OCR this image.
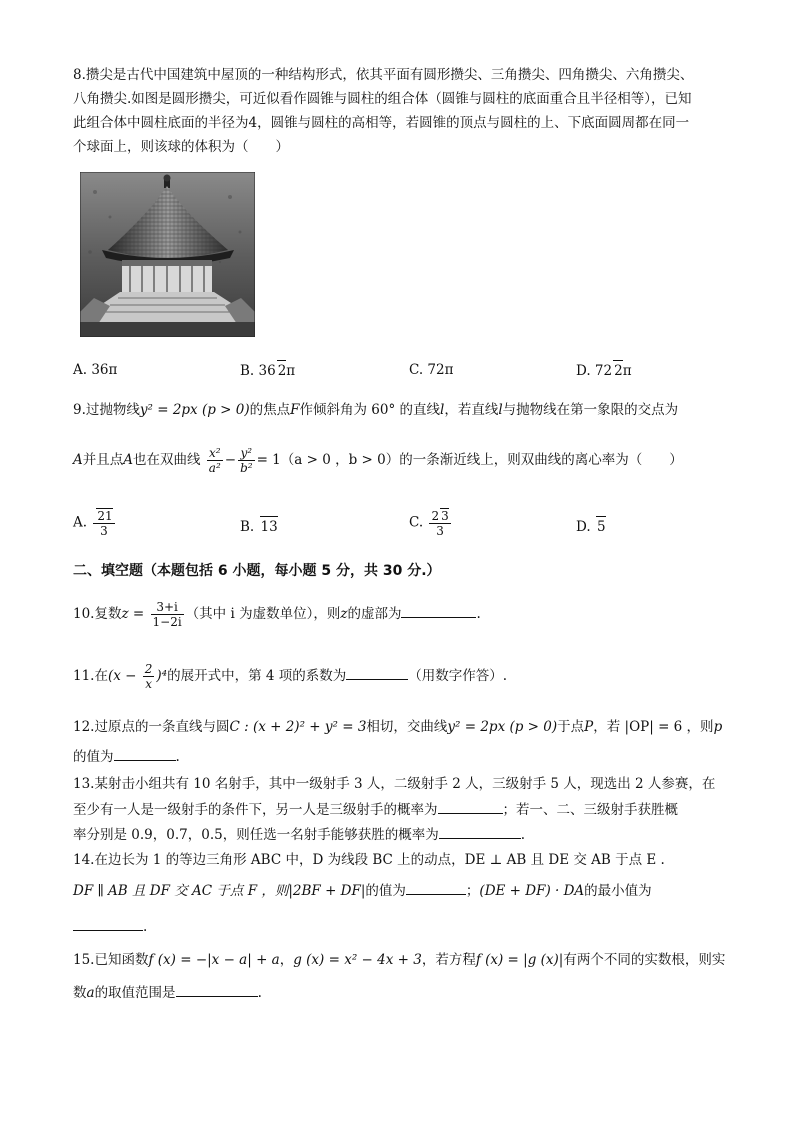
8.攒尖是古代中国建筑中屋顶的一种结构形式，依其平面有圆形攒尖、三角攒尖、四角攒尖、六角攒尖、
八角攒尖.如图是圆形攒尖，可近似看作圆锥与圆柱的组合体（圆锥与圆柱的底面重合且半径相等），已知
此组合体中圆柱底面的半径为4，圆锥与圆柱的高相等，若圆锥的顶点与圆柱的上、下底面圆周都在同一
个球面上，则该球的体积为（　　）
A. 36π	B. 36 2π	C. 72π	D. 72 2π
9.过抛物线y² = 2px (p > 0)的焦点F作倾斜角为 60° 的直线l，若直线l与抛物线在第一象限的交点为
A并且点A也在双曲线 $\frac{\text{x²}}{\text{a²}} - \frac{\text{y²}}{\text{b²}} = 1(a > 0$ ，b > 0）的一条渐近线上，则双曲线的离心率为（　　）
A. $\frac{21}{3}$	B. 13	C. $\frac{2 3}{3}$	D. 5
二、填空题（本题包括 6 小题，每小题 5 分，共 30 分.）
10.复数$z = \frac{3+i}{1-2i}$ （其中 i 为虚数单位），则z的虚部为	.
11.在$(x - \frac{2}{x} )^4$的展开式中，第 4 项的系数为	（用数字作答）.
12.过原点的一条直线与圆C : (x + 2)² + y² = 3相切，交曲线y² = 2px (p > 0)于点P，若 |OP| = 6 ，则p
的值为	.
13.某射击小组共有 10 名射手，其中一级射手 3 人，二级射手 2 人，三级射手 5 人，现选出 2 人参赛，在
至少有一人是一级射手的条件下，另一人是三级射手的概率为	；若一、二、三级射手获胜概
率分别是 0.9，0.7，0.5，则任选一名射手能够获胜的概率为	.
14.在边长为 1 的等边三角形 ABC 中，D 为线段 BC 上的动点，DE ⊥ AB 且 DE 交 AB 于点 E .
DF ∥ AB 且 DF 交 AC 于点 F ，则|2BF + DF|的值为	；(DE + DF) · DA的最小值为
.
15.已知函数f (x) = −|x − a| + a，g (x) = x² − 4x + 3，若方程f (x) = |g (x)|有两个不同的实数根，则实
数a的取值范围是	.
